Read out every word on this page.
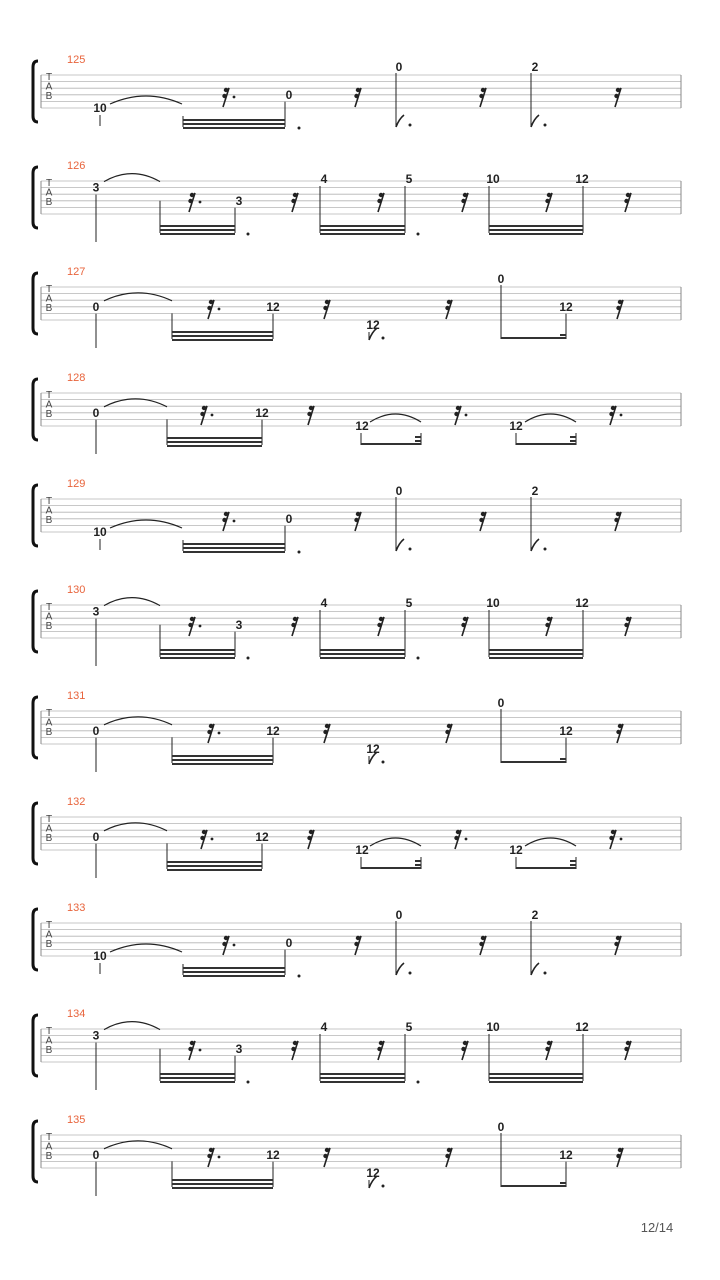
T
A
B
125
10
0
0	2
T
A
B
126
3
3
4	5	10	12
T
A
B
127
0	12
12
0
12
T
A
B
128
0	12
12	12
T
A
B
129
10
0
0	2
T
A
B
130
3
3
4	5	10	12
T
A
B
131
0	12
12
0
12
T
A
B
132
0	12
12	12
T
A
B
133
10
0
0	2
T
A
B
134
3
3
4	5	10	12
T
A
B
135
0	12
12
0
12
12/14
